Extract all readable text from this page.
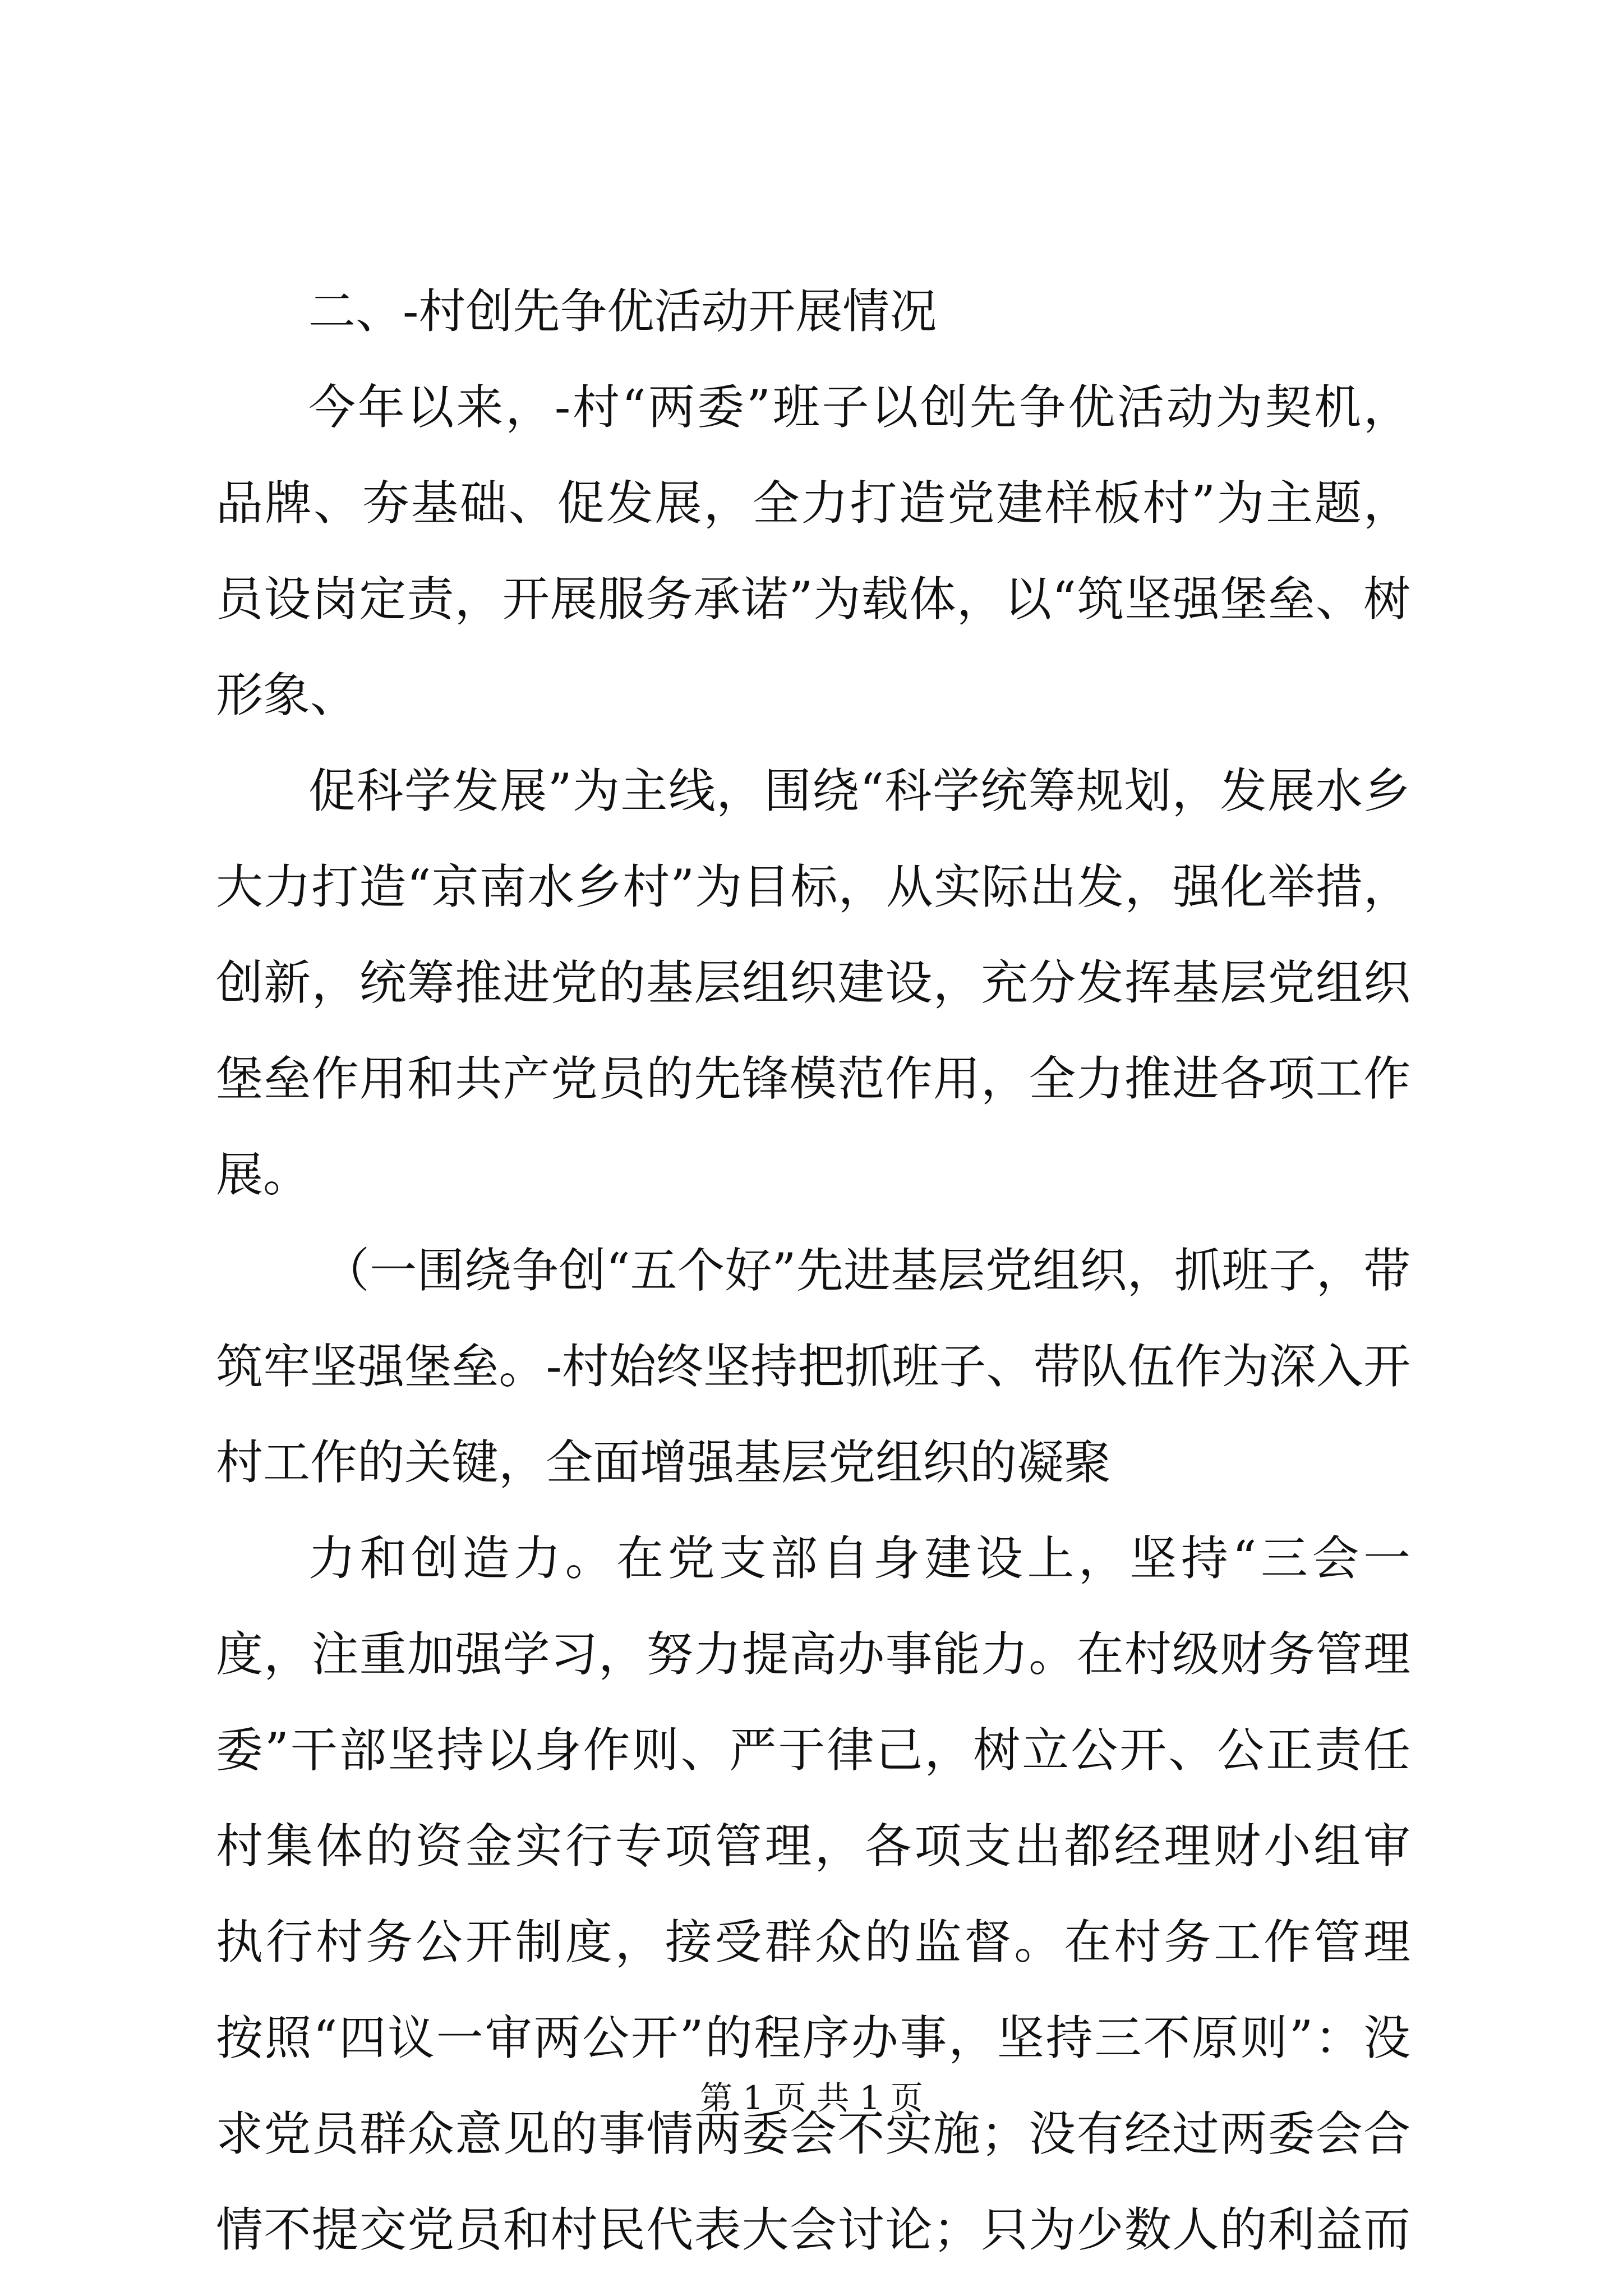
二、-村创先争优活动开展情况
今年以来，-村“两委”班子以创先争优活动为契机，
品牌、夯基础、促发展，全力打造党建样板村”为主题，
员设岗定责，开展服务承诺”为载体，以“筑坚强堡垒、树
形象、
促科学发展”为主线，围绕“科学统筹规划，发展水乡
大力打造“京南水乡村”为目标，从实际出发，强化举措，
创新，统筹推进党的基层组织建设，充分发挥基层党组织
堡垒作用和共产党员的先锋模范作用，全力推进各项工作
展。
（一围绕争创“五个好”先进基层党组织，抓班子，带
筑牢坚强堡垒。-村始终坚持把抓班子、带队伍作为深入开
村工作的关键，全面增强基层党组织的凝聚
力和创造力。在党支部自身建设上，坚持“三会一
度，注重加强学习，努力提高办事能力。在村级财务管理
委”干部坚持以身作则、严于律己，树立公开、公正责任
村集体的资金实行专项管理，各项支出都经理财小组审
执行村务公开制度，接受群众的监督。在村务工作管理
按照“四议一审两公开”的程序办事，坚持三不原则”：没
求党员群众意见的事情两委会不实施；没有经过两委会合
情不提交党员和村民代表大会讨论；只为少数人的利益而
第 1 页 共 1 页
